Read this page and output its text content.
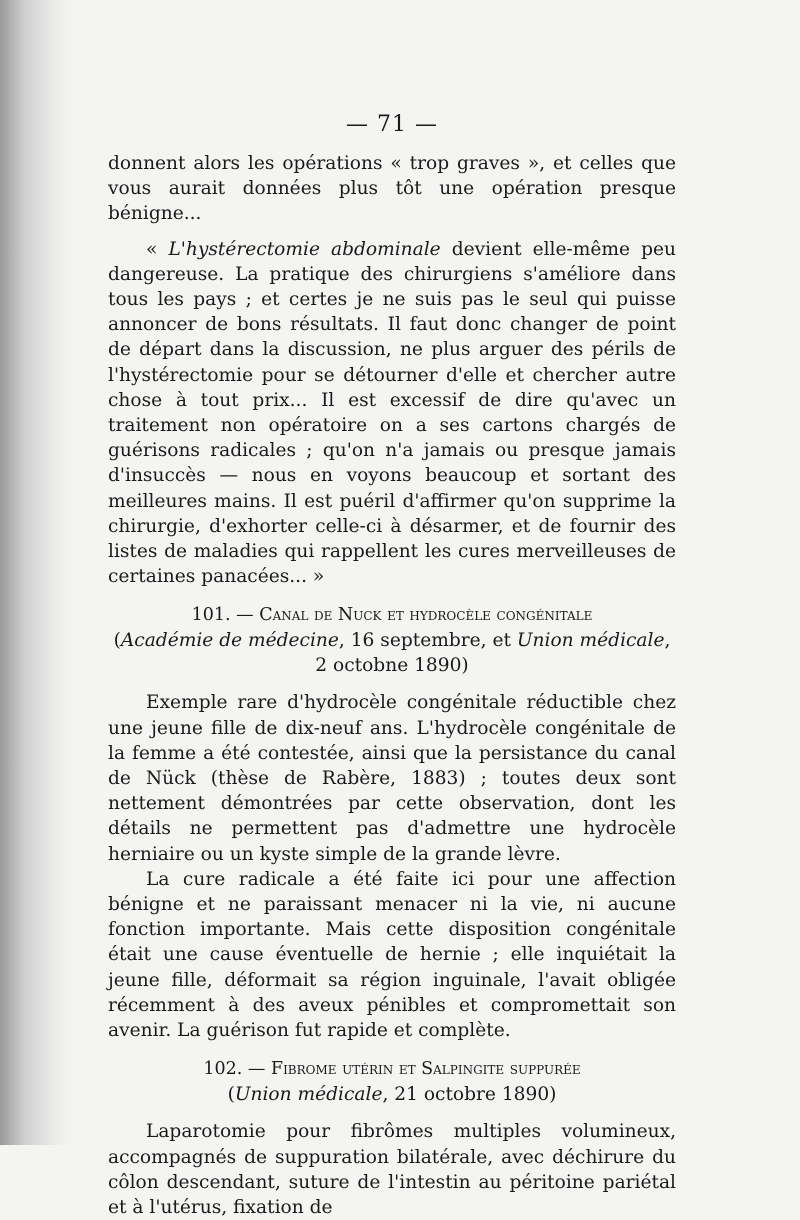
— 71 —

donnent alors les opérations « trop graves », et celles que vous aurait données plus tôt une opération presque bénigne...

« L'hystérectomie abdominale devient elle-même peu dangereuse. La pratique des chirurgiens s'améliore dans tous les pays ; et certes je ne suis pas le seul qui puisse annoncer de bons résultats. Il faut donc changer de point de départ dans la discussion, ne plus arguer des périls de l'hystérectomie pour se détourner d'elle et chercher autre chose à tout prix... Il est excessif de dire qu'avec un traitement non opératoire on a ses cartons chargés de guérisons radicales ; qu'on n'a jamais ou presque jamais d'insuccès — nous en voyons beaucoup et sortant des meilleures mains. Il est puéril d'affirmer qu'on supprime la chirurgie, d'exhorter celle-ci à désarmer, et de fournir des listes de maladies qui rappellent les cures merveilleuses de certaines panacées... »

101. — Canal de Nuck et hydrocèle congénitale
(Académie de médecine, 16 septembre, et Union médicale,
2 octobne 1890)

Exemple rare d'hydrocèle congénitale réductible chez une jeune fille de dix-neuf ans. L'hydrocèle congénitale de la femme a été contestée, ainsi que la persistance du canal de Nück (thèse de Rabère, 1883) ; toutes deux sont nettement démontrées par cette observation, dont les détails ne permettent pas d'admettre une hydrocèle herniaire ou un kyste simple de la grande lèvre.

La cure radicale a été faite ici pour une affection bénigne et ne paraissant menacer ni la vie, ni aucune fonction importante. Mais cette disposition congénitale était une cause éventuelle de hernie ; elle inquiétait la jeune fille, déformait sa région inguinale, l'avait obligée récemment à des aveux pénibles et compromettait son avenir. La guérison fut rapide et complète.

102. — Fibrome utérin et Salpingite suppurée
(Union médicale, 21 octobre 1890)

Laparotomie pour fibrômes multiples volumineux, accompagnés de suppuration bilatérale, avec déchirure du côlon descendant, suture de l'intestin au péritoine pariétal et à l'utérus, fixation de
